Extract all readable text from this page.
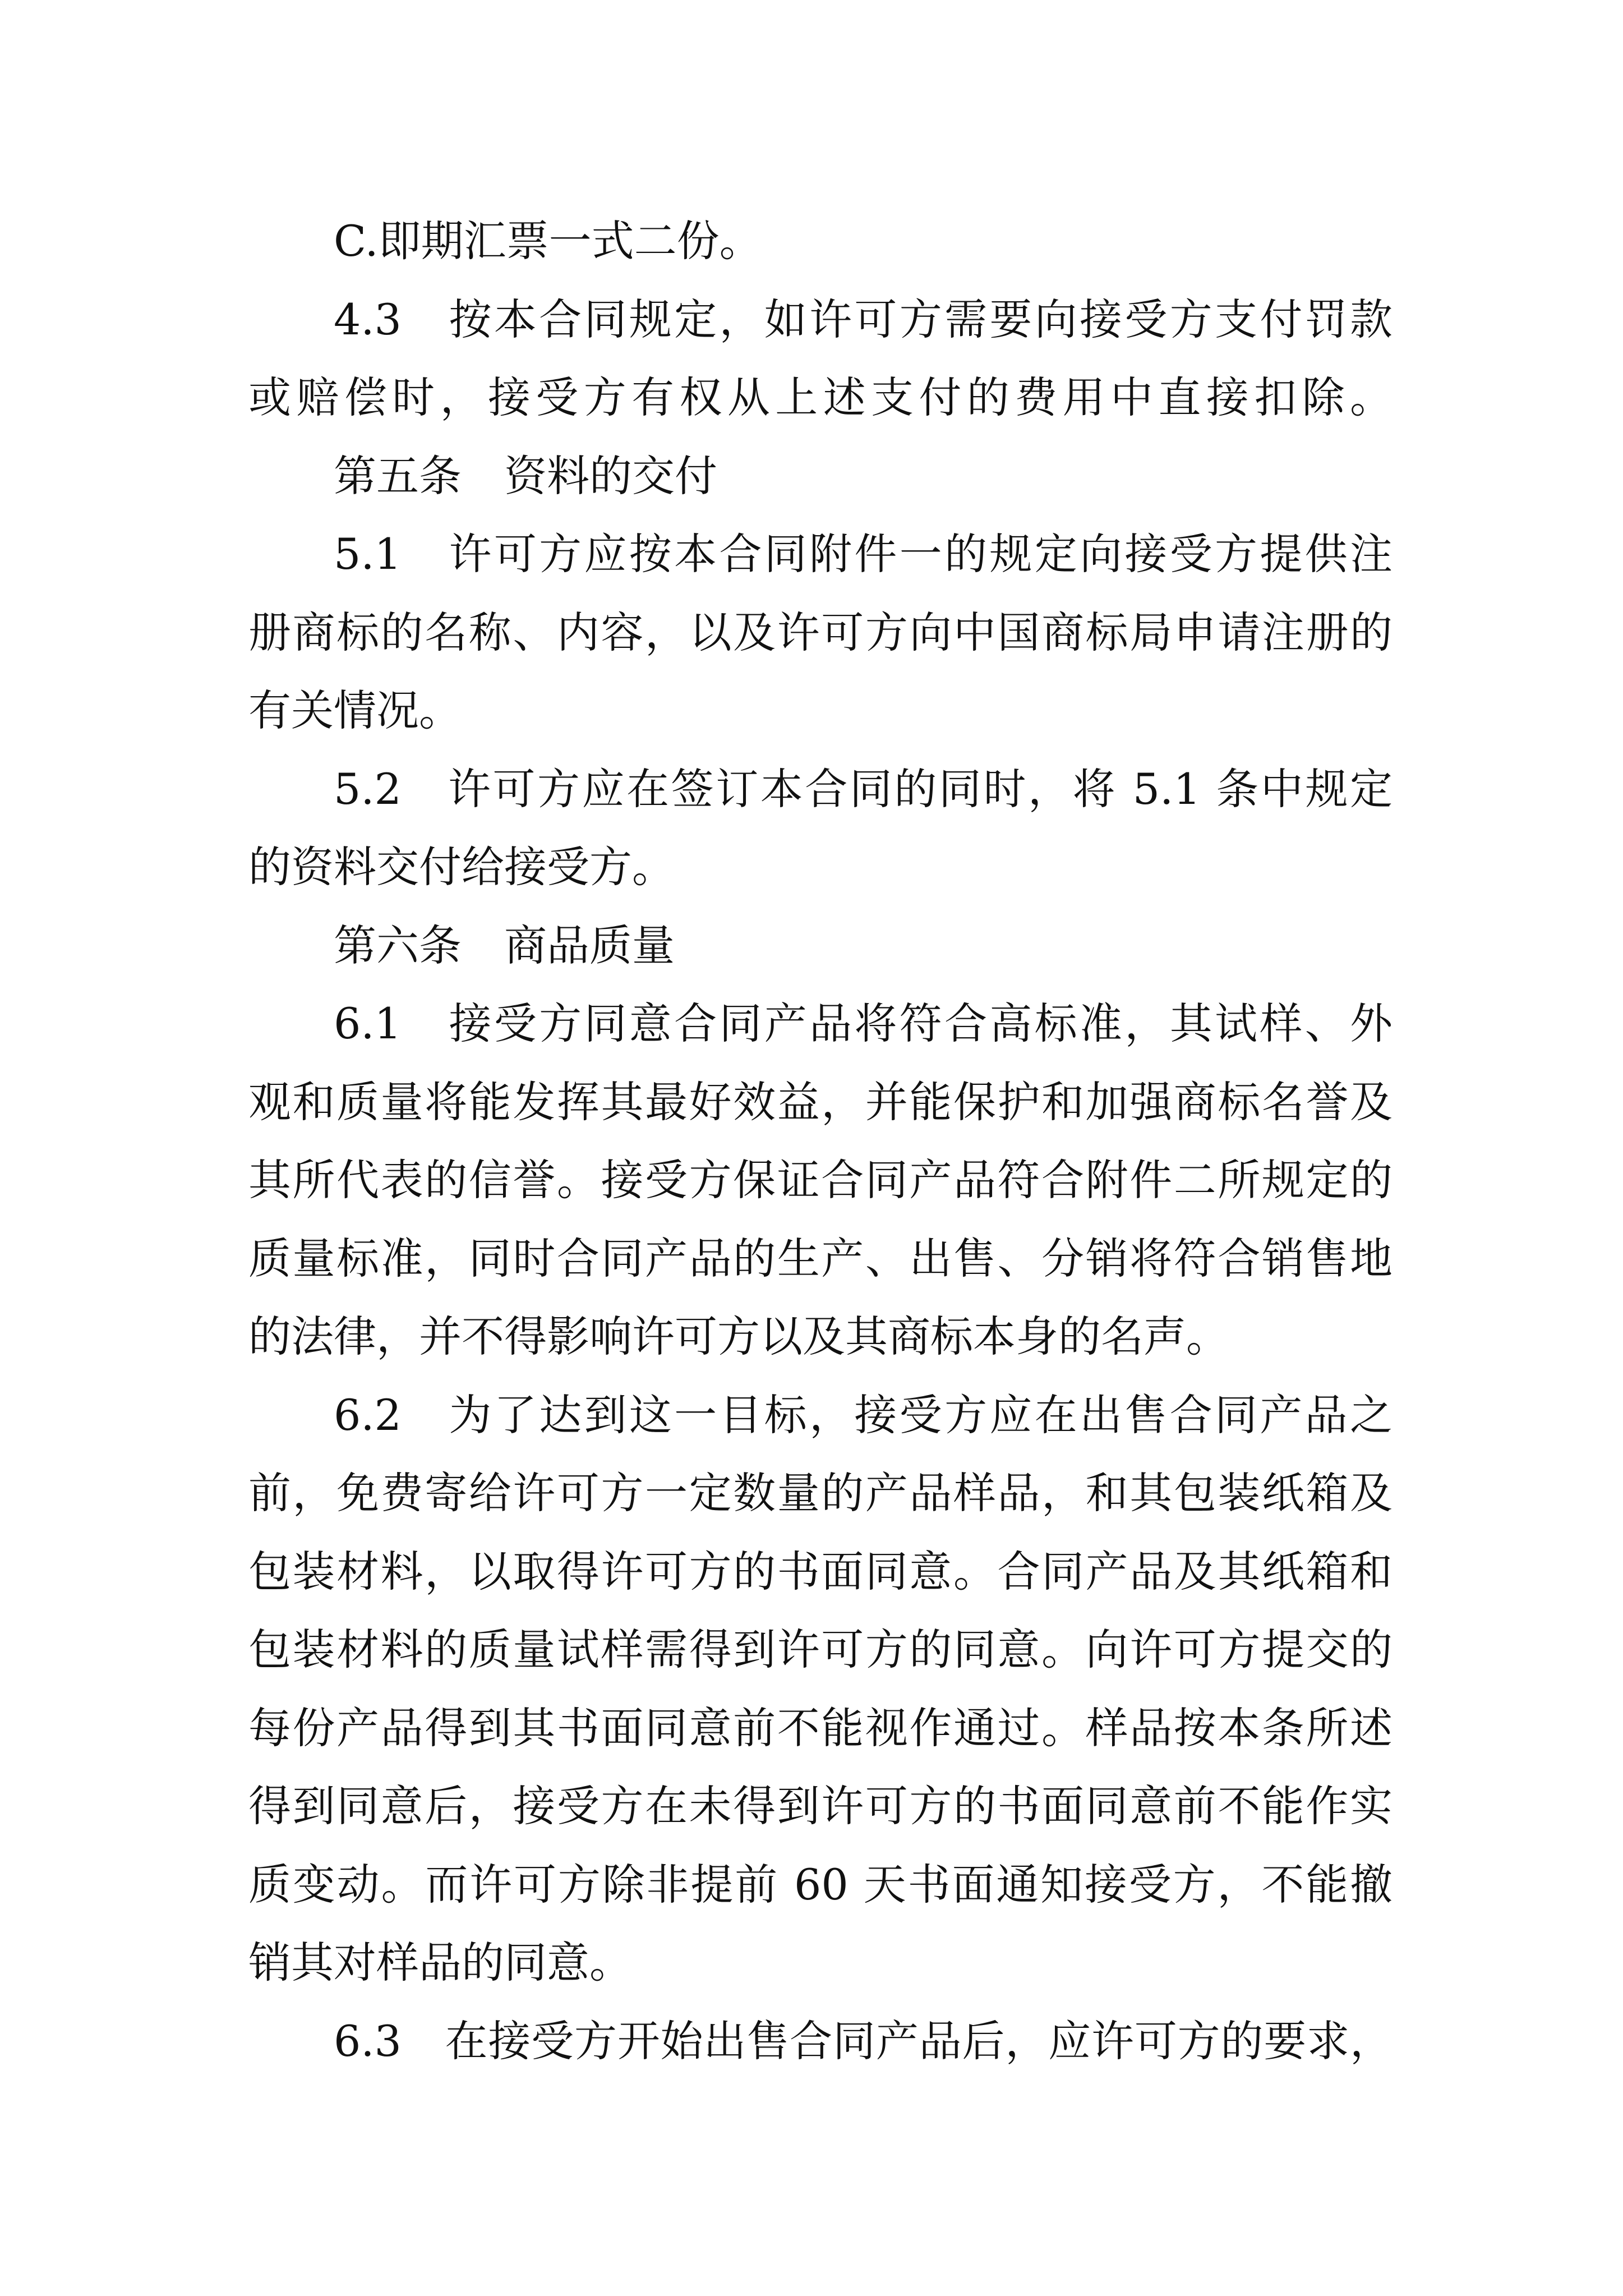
C.即期汇票一式二份。
4.3　按本合同规定，如许可方需要向接受方支付罚款
或赔偿时，接受方有权从上述支付的费用中直接扣除。
第五条　资料的交付
5.1　许可方应按本合同附件一的规定向接受方提供注
册商标的名称、内容，以及许可方向中国商标局申请注册的
有关情况。
5.2　许可方应在签订本合同的同时，将 5.1 条中规定
的资料交付给接受方。
第六条　商品质量
6.1　接受方同意合同产品将符合高标准，其试样、外
观和质量将能发挥其最好效益，并能保护和加强商标名誉及
其所代表的信誉。接受方保证合同产品符合附件二所规定的
质量标准，同时合同产品的生产、出售、分销将符合销售地
的法律，并不得影响许可方以及其商标本身的名声。
6.2　为了达到这一目标，接受方应在出售合同产品之
前，免费寄给许可方一定数量的产品样品，和其包装纸箱及
包装材料，以取得许可方的书面同意。合同产品及其纸箱和
包装材料的质量试样需得到许可方的同意。向许可方提交的
每份产品得到其书面同意前不能视作通过。样品按本条所述
得到同意后，接受方在未得到许可方的书面同意前不能作实
质变动。而许可方除非提前 60 天书面通知接受方，不能撤
销其对样品的同意。
6.3　在接受方开始出售合同产品后，应许可方的要求，
